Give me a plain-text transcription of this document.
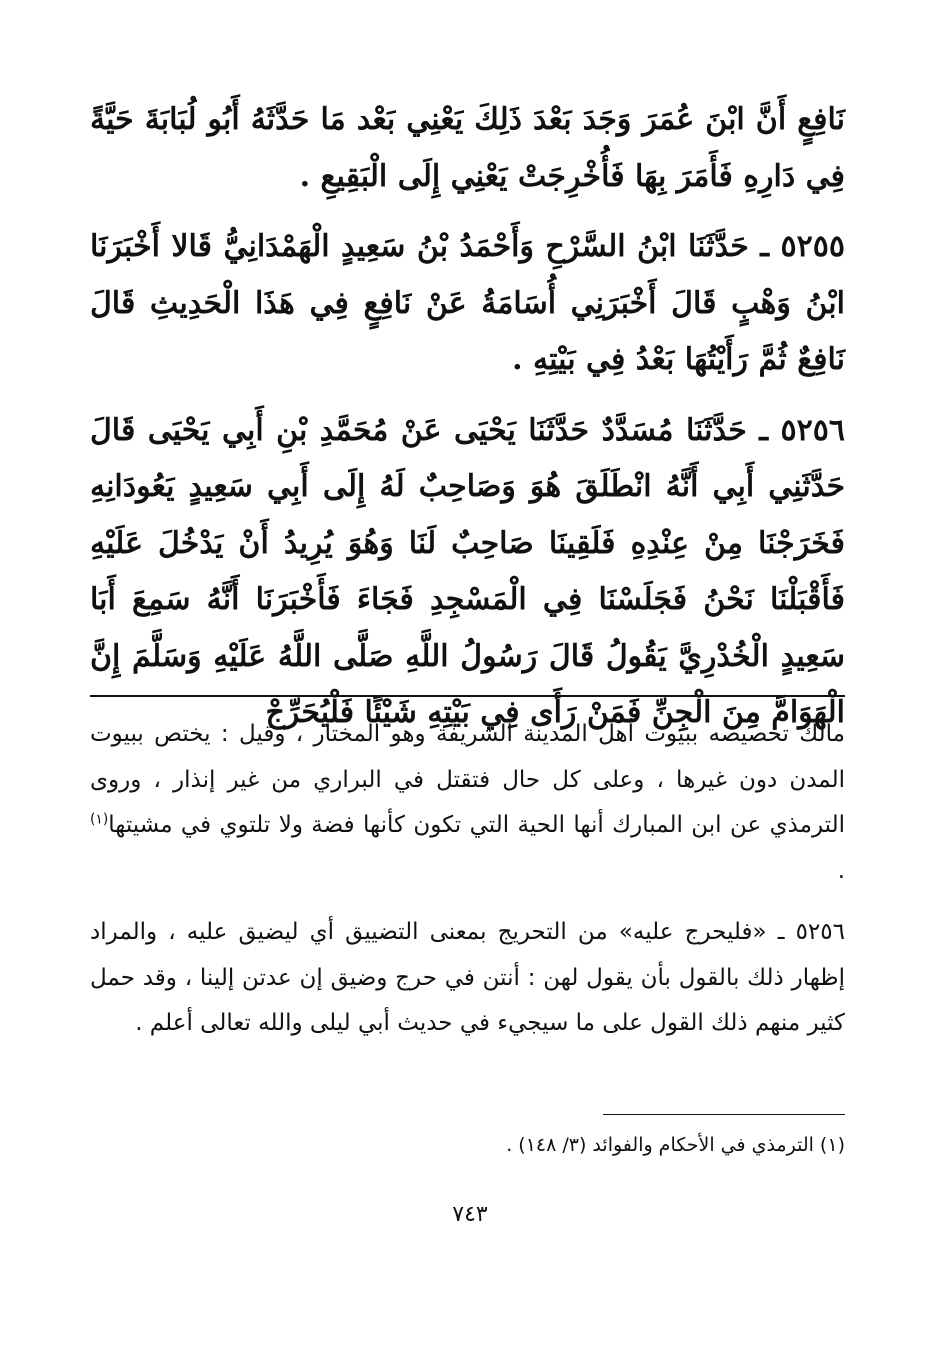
نَافِعٍ أَنَّ ابْنَ عُمَرَ وَجَدَ بَعْدَ ذَلِكَ يَعْنِي بَعْد مَا حَدَّثَهُ أَبُو لُبَابَةَ حَيَّةً فِي دَارِهِ فَأَمَرَ بِهَا فَأُخْرِجَتْ يَعْنِي إِلَى الْبَقِيعِ .

٥٢٥٥ ـ حَدَّثَنَا ابْنُ السَّرْحِ وَأَحْمَدُ بْنُ سَعِيدٍ الْهَمْدَانِيُّ قَالا أَخْبَرَنَا ابْنُ وَهْبٍ قَالَ أَخْبَرَنِي أُسَامَةُ عَنْ نَافِعٍ فِي هَذَا الْحَدِيثِ قَالَ نَافِعٌ ثُمَّ رَأَيْتُهَا بَعْدُ فِي بَيْتِهِ .

٥٢٥٦ ـ حَدَّثَنَا مُسَدَّدٌ حَدَّثَنَا يَحْيَى عَنْ مُحَمَّدِ بْنِ أَبِي يَحْيَى قَالَ حَدَّثَنِي أَبِي أَنَّهُ انْطَلَقَ هُوَ وَصَاحِبٌ لَهُ إِلَى أَبِي سَعِيدٍ يَعُودَانِهِ فَخَرَجْنَا مِنْ عِنْدِهِ فَلَقِينَا صَاحِبٌ لَنَا وَهُوَ يُرِيدُ أَنْ يَدْخُلَ عَلَيْهِ فَأَقْبَلْنَا نَحْنُ فَجَلَسْنَا فِي الْمَسْجِدِ فَجَاءَ فَأَخْبَرَنَا أَنَّهُ سَمِعَ أَبَا سَعِيدٍ الْخُدْرِيَّ يَقُولُ قَالَ رَسُولُ اللَّهِ صَلَّى اللَّهُ عَلَيْهِ وَسَلَّمَ إِنَّ الْهَوَامَّ مِنَ الْجِنِّ فَمَنْ رَأَى فِي بَيْتِهِ شَيْئًا فَلْيُحَرِّجْ

مالك تخصيصه ببيوت أهل المدينة الشريفة وهو المختار ، وقيل : يختص ببيوت المدن دون غيرها ، وعلى كل حال فتقتل في البراري من غير إنذار ، وروى الترمذي عن ابن المبارك أنها الحية التي تكون كأنها فضة ولا تلتوي في مشيتها$^{(١)}$ .

٥٢٥٦ ـ «فليحرج عليه» من التحريج بمعنى التضييق أي ليضيق عليه ، والمراد إظهار ذلك بالقول بأن يقول لهن : أنتن في حرج وضيق إن عدتن إلينا ، وقد حمل كثير منهم ذلك القول على ما سيجيء في حديث أبي ليلى والله تعالى أعلم .

(١) الترمذي في الأحكام والفوائد (٣/ ١٤٨) .

٧٤٣
